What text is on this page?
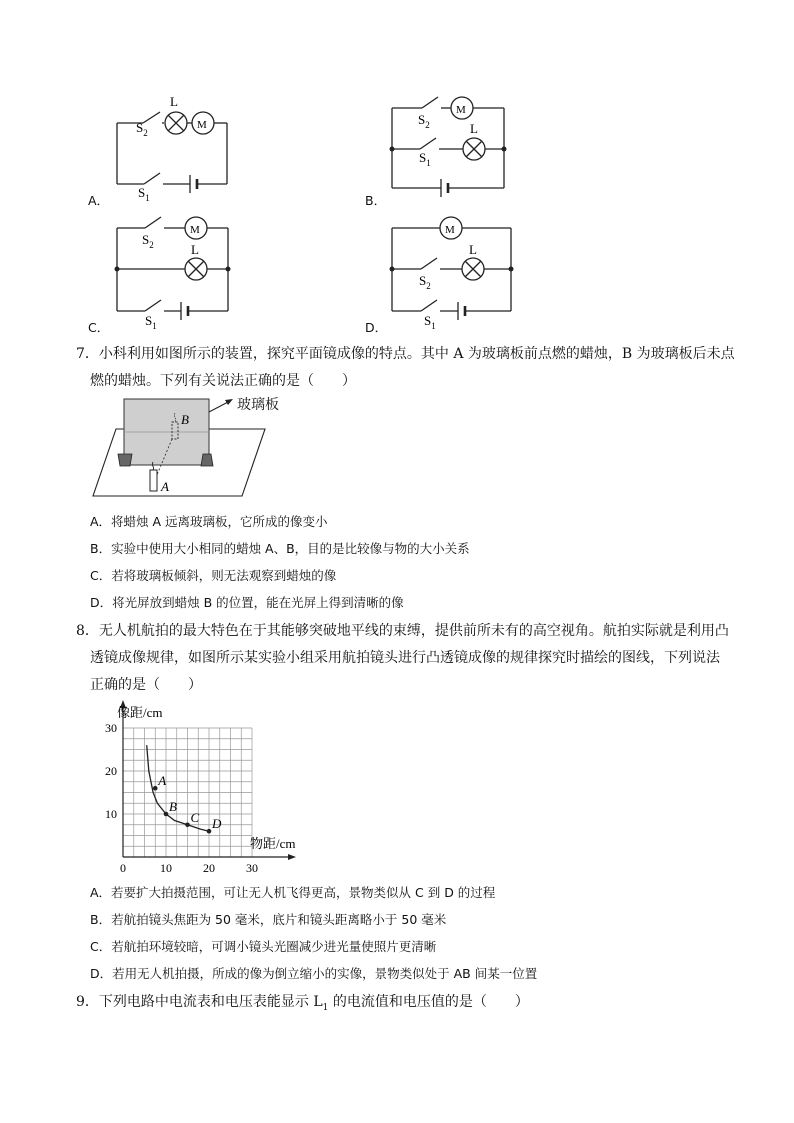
L
M
$S_2$
$S_1$
M
L
$S_2$
$S_1$
M
L
$S_2$
$S_1$
M
L
$S_2$
$S_1$
A．	B．
C．	D．
7．小科利用如图所示的装置，探究平面镜成像的特点。其中 A 为玻璃板前点燃的蜡烛，B 为玻璃板后未点
燃的蜡烛。下列有关说法正确的是（　　）
B
A
玻璃板
A．将蜡烛 A 远离玻璃板，它所成的像变小
B．实验中使用大小相同的蜡烛 A、B，目的是比较像与物的大小关系
C．若将玻璃板倾斜，则无法观察到蜡烛的像
D．将光屏放到蜡烛 B 的位置，能在光屏上得到清晰的像
8．无人机航拍的最大特色在于其能够突破地平线的束缚，提供前所未有的高空视角。航拍实际就是利用凸
透镜成像规律，如图所示某实验小组采用航拍镜头进行凸透镜成像的规律探究时描绘的图线，下列说法
正确的是（　　）
A
B
C D
0	10	20	30
10
20
30
像距/cm
物距/cm
A．若要扩大拍摄范围，可让无人机飞得更高，景物类似从 C 到 D 的过程
B．若航拍镜头焦距为 50 毫米，底片和镜头距离略小于 50 毫米
C．若航拍环境较暗，可调小镜头光圈减少进光量使照片更清晰
D．若用无人机拍摄，所成的像为倒立缩小的实像，景物类似处于 AB 间某一位置
9．下列电路中电流表和电压表能显示 $L_1$ 的电流值和电压值的是（　　）
